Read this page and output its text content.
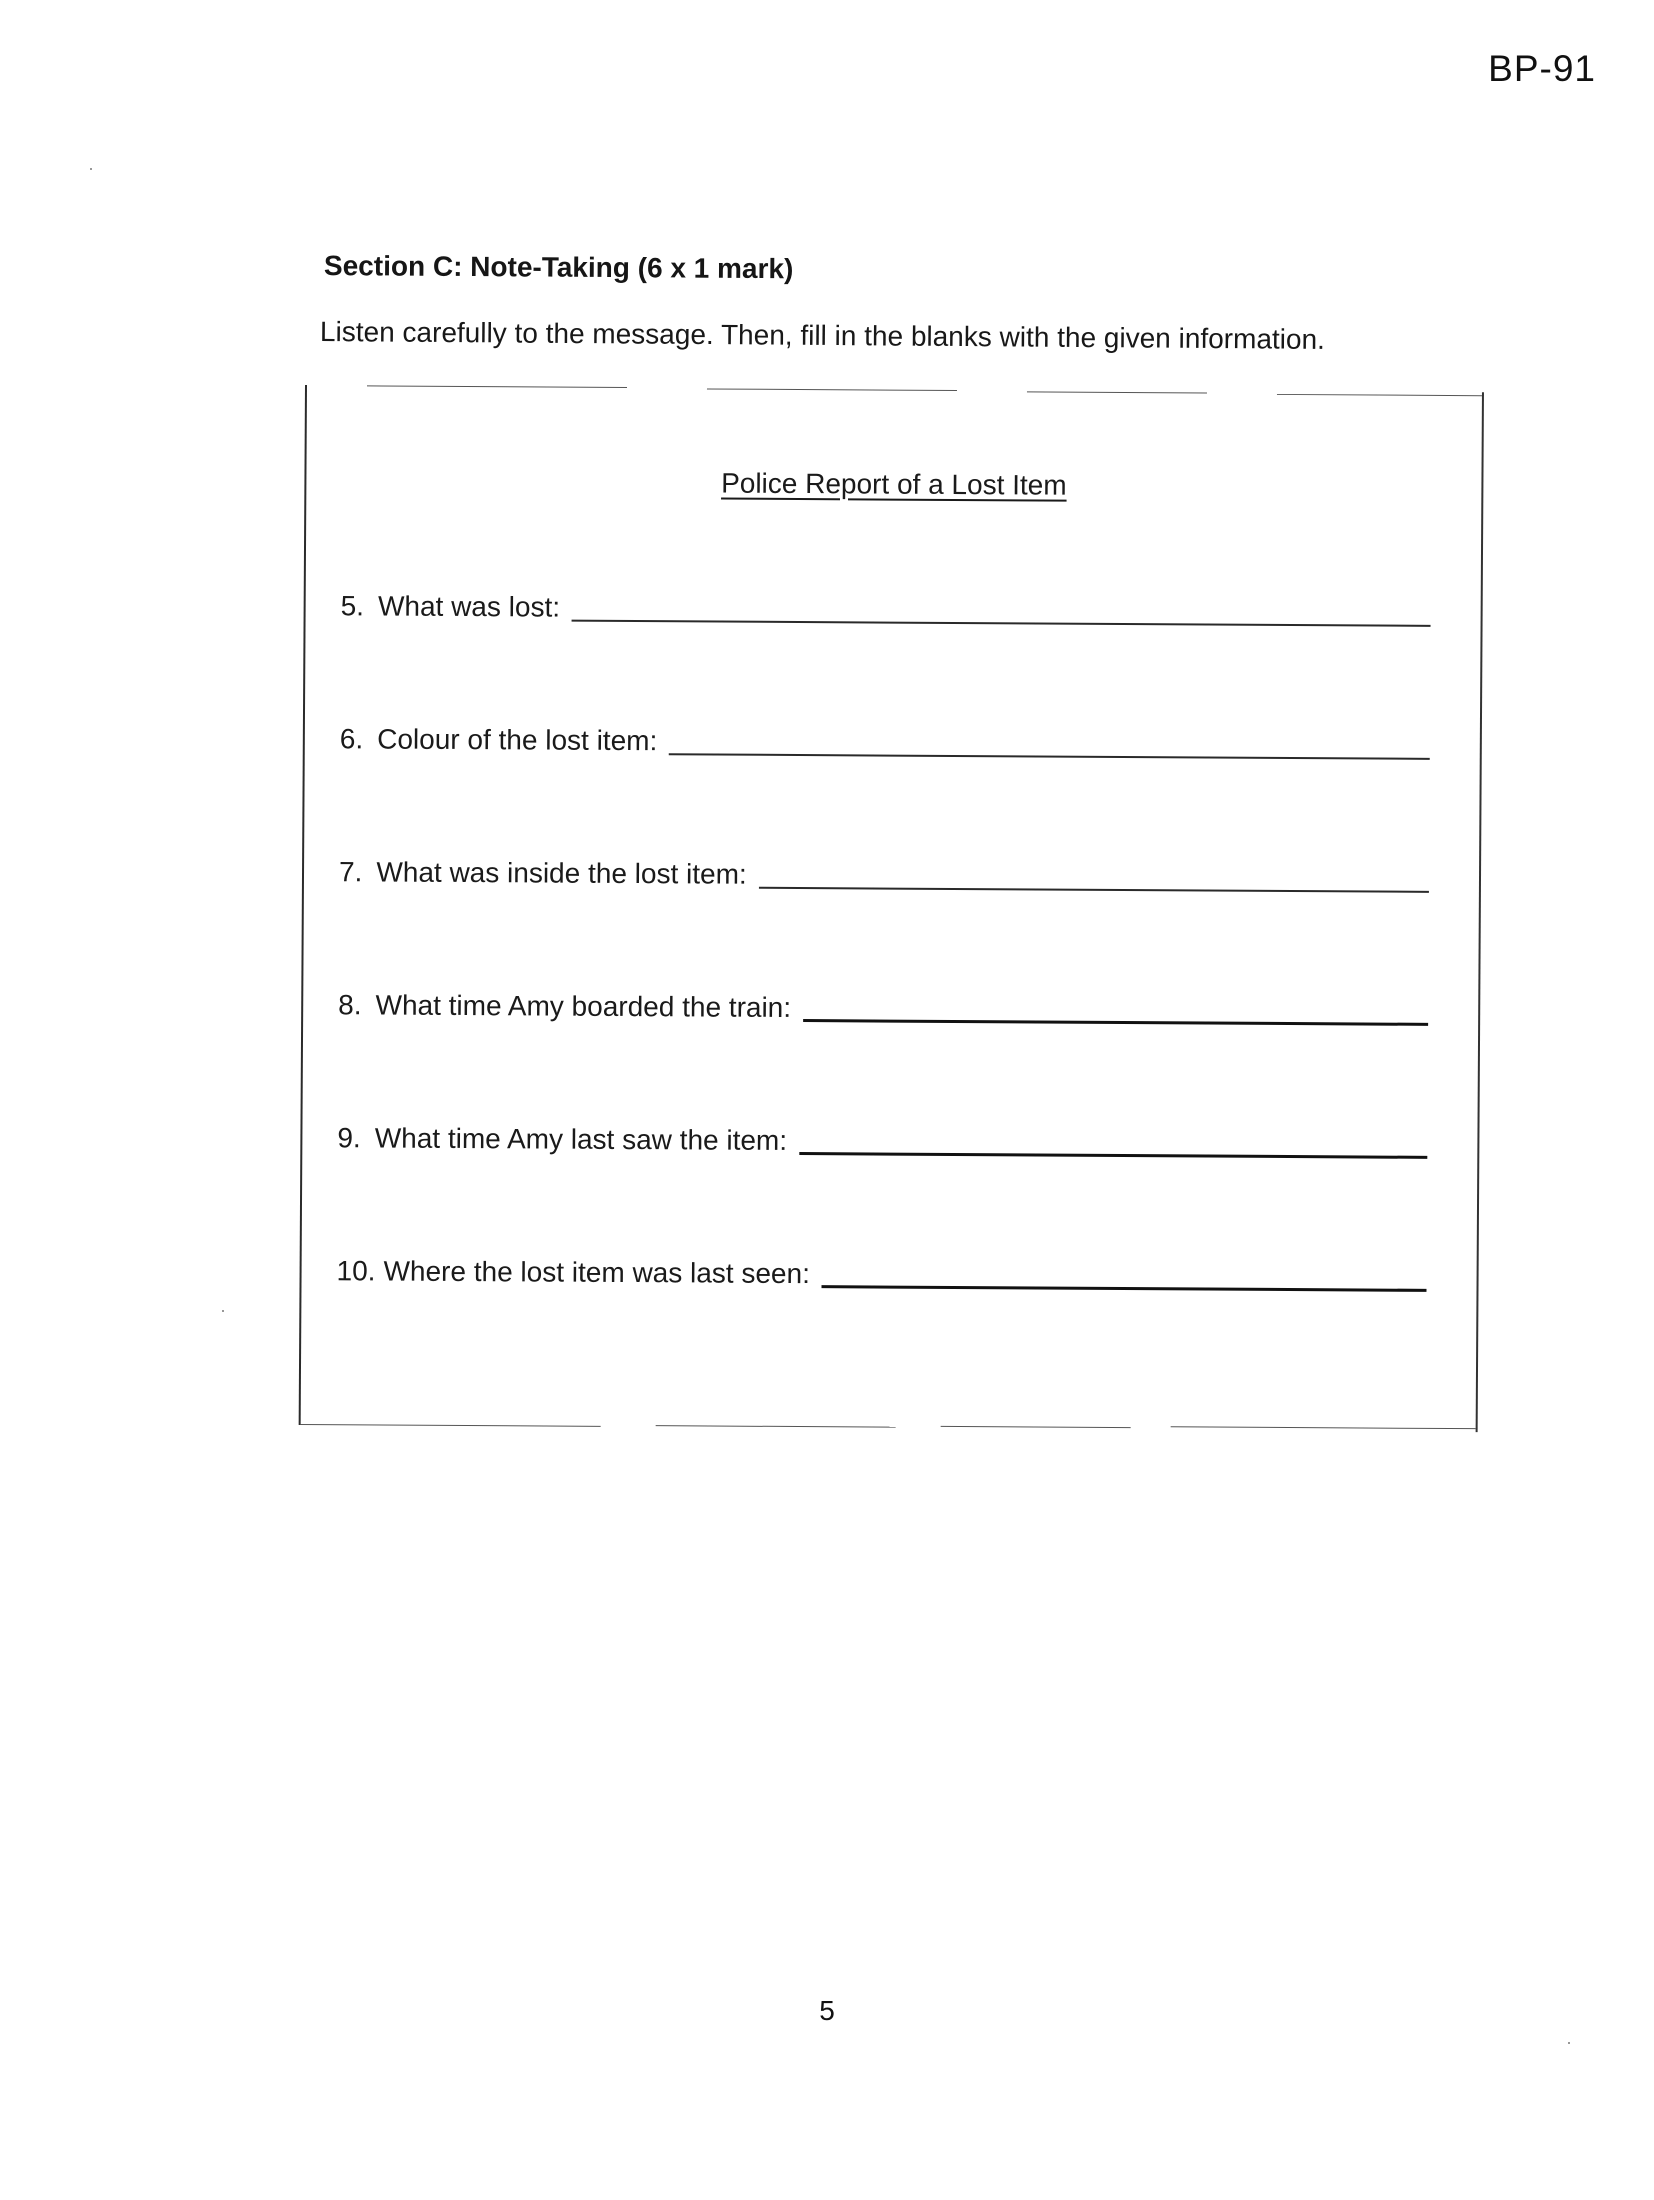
BP-91
Section C: Note-Taking (6 x 1 mark)
Listen carefully to the message. Then, fill in the blanks with the given information.
Police Report of a Lost Item
5. What was lost:
6. Colour of the lost item:
7. What was inside the lost item:
8. What time Amy boarded the train:
9. What time Amy last saw the item:
10. Where the lost item was last seen:
5
